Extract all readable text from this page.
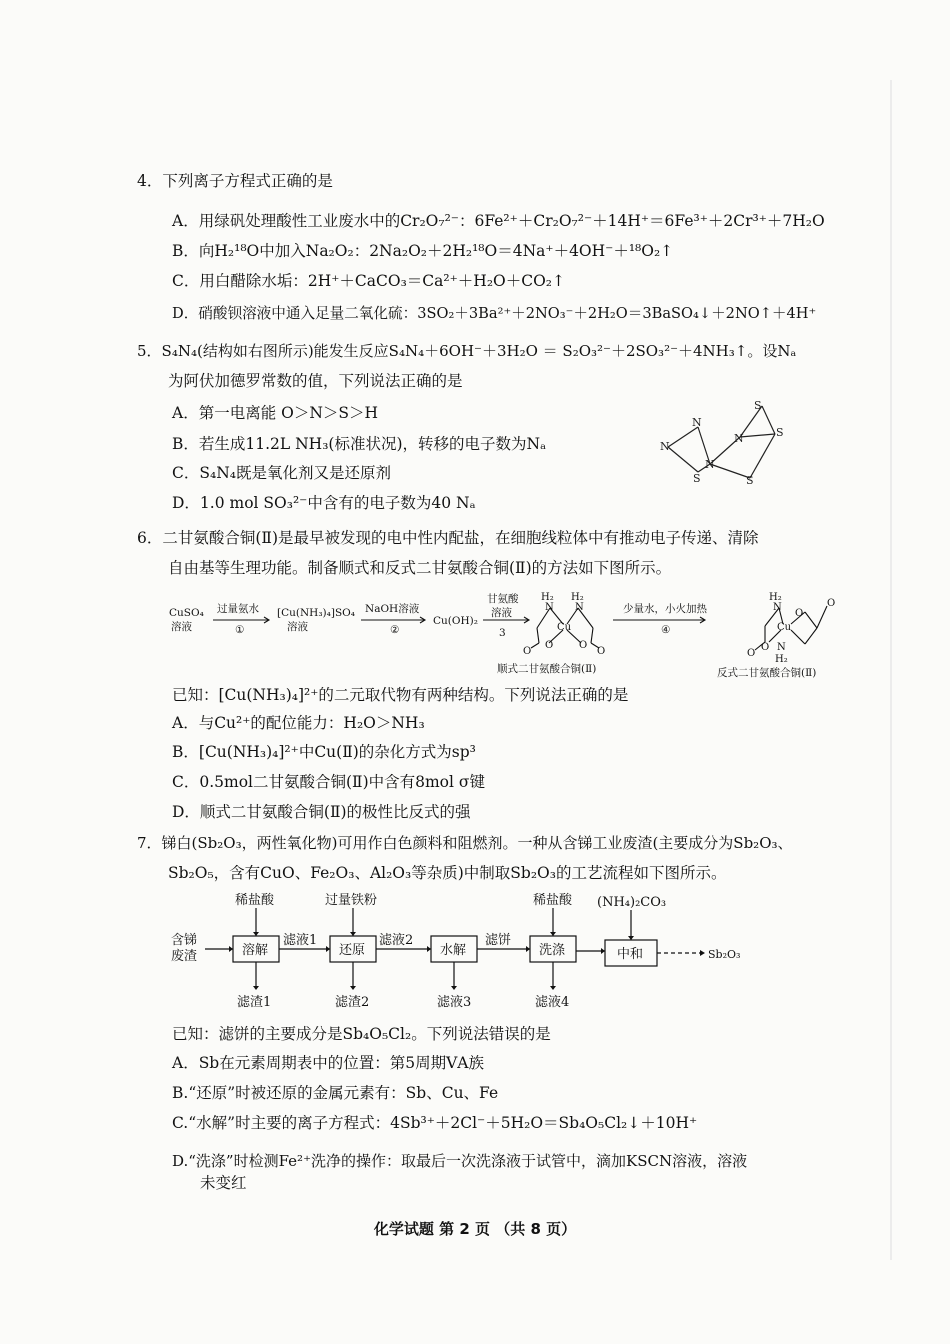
4．下列离子方程式正确的是
A．用绿矾处理酸性工业废水中的Cr₂O₇²⁻：6Fe²⁺＋Cr₂O₇²⁻＋14H⁺＝6Fe³⁺＋2Cr³⁺＋7H₂O
B．向H₂¹⁸O中加入Na₂O₂：2Na₂O₂＋2H₂¹⁸O＝4Na⁺＋4OH⁻＋¹⁸O₂↑
C．用白醋除水垢：2H⁺＋CaCO₃＝Ca²⁺＋H₂O＋CO₂↑
D．硝酸钡溶液中通入足量二氧化硫：3SO₂＋3Ba²⁺＋2NO₃⁻＋2H₂O＝3BaSO₄↓＋2NO↑＋4H⁺
5．S₄N₄(结构如右图所示)能发生反应S₄N₄＋6OH⁻＋3H₂O ＝ S₂O₃²⁻＋2SO₃²⁻＋4NH₃↑。设Nₐ
为阿伏加德罗常数的值，下列说法正确的是
A．第一电离能 O＞N＞S＞H
B．若生成11.2L NH₃(标准状况)，转移的电子数为Nₐ
C．S₄N₄既是氧化剂又是还原剂
D．1.0 mol SO₃²⁻中含有的电子数为40 Nₐ
S
N	S
N
S
N
S
N
6．二甘氨酸合铜(Ⅱ)是最早被发现的电中性内配盐，在细胞线粒体中有推动电子传递、清除
自由基等生理功能。制备顺式和反式二甘氨酸合铜(Ⅱ)的方法如下图所示。
CuSO₄
溶液
过量氨水
①
[Cu(NH₃)₄]SO₄
溶液
NaOH溶液
②
Cu(OH)₂
甘氨酸
溶液
3
少量水，小火加热
④
顺式二甘氨酸合铜(Ⅱ)	反式二甘氨酸合铜(Ⅱ)
H₂
N
H₂
N
Cu
O	O
O	O
H₂
N
Cu
O
O
O
O
N
H₂
已知：[Cu(NH₃)₄]²⁺的二元取代物有两种结构。下列说法正确的是
A．与Cu²⁺的配位能力：H₂O＞NH₃
B．[Cu(NH₃)₄]²⁺中Cu(Ⅱ)的杂化方式为sp³
C．0.5mol二甘氨酸合铜(Ⅱ)中含有8mol σ键
D．顺式二甘氨酸合铜(Ⅱ)的极性比反式的强
7．锑白(Sb₂O₃，两性氧化物)可用作白色颜料和阻燃剂。一种从含锑工业废渣(主要成分为Sb₂O₃、
Sb₂O₅，含有CuO、Fe₂O₃、Al₂O₃等杂质)中制取Sb₂O₃的工艺流程如下图所示。
含锑
废渣
稀盐酸	过量铁粉	稀盐酸 (NH₄)₂CO₃
溶解	还原	水解	洗涤	中和
滤液1	滤液2	滤饼
滤渣1	滤渣2	滤液3	滤液4
Sb₂O₃
已知：滤饼的主要成分是Sb₄O₅Cl₂。下列说法错误的是
A．Sb在元素周期表中的位置：第5周期ⅤA族
B.“还原”时被还原的金属元素有：Sb、Cu、Fe
C.“水解”时主要的离子方程式：4Sb³⁺＋2Cl⁻＋5H₂O＝Sb₄O₅Cl₂↓＋10H⁺
D.“洗涤”时检测Fe²⁺洗净的操作：取最后一次洗涤液于试管中，滴加KSCN溶液，溶液
未变红
化学试题 第 2 页 （共 8 页）
